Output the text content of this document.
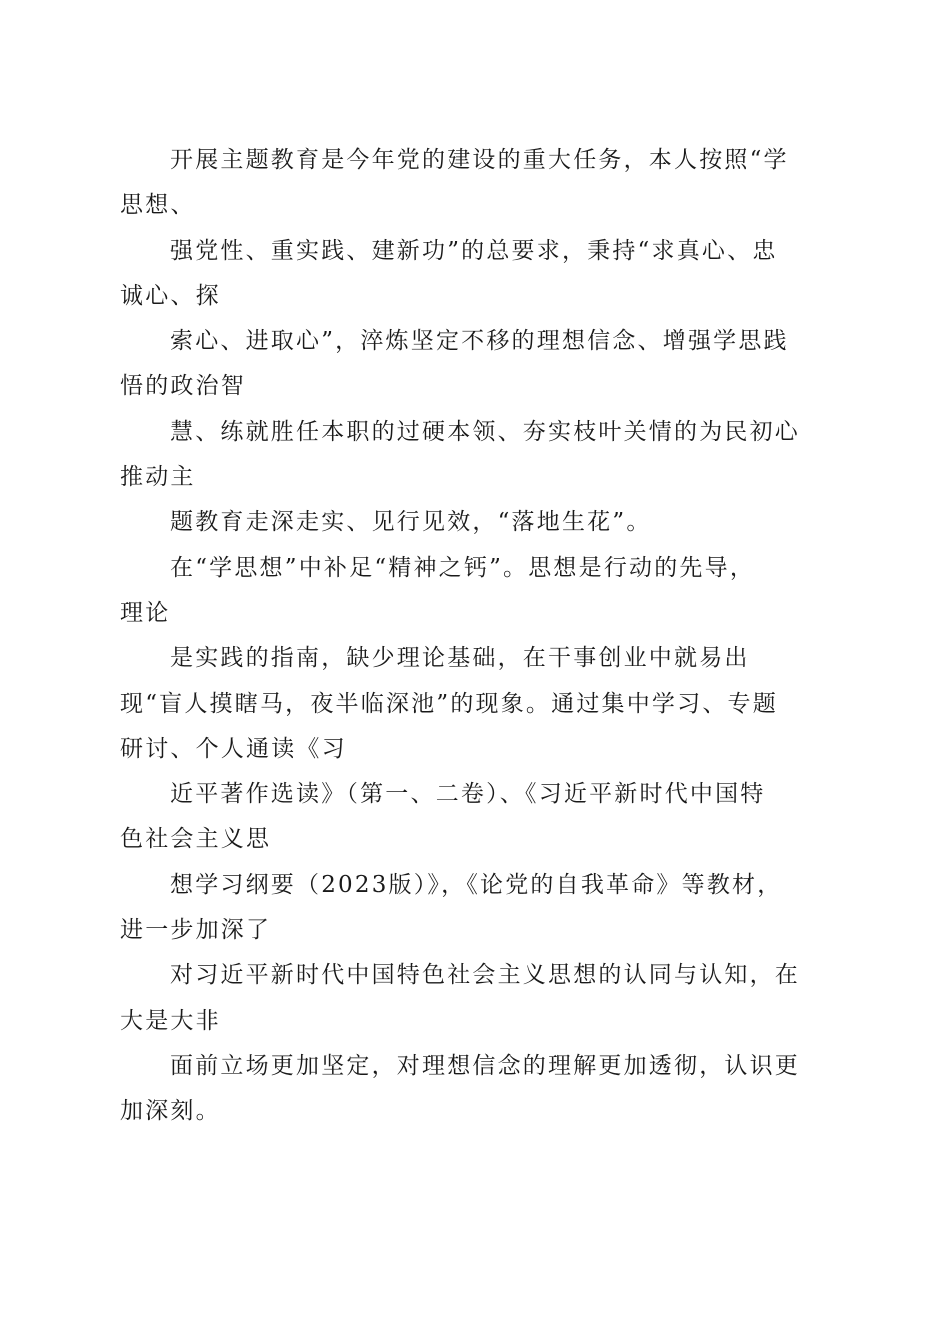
开展主题教育是今年党的建设的重大任务，本人按照“学
思想、
强党性、重实践、建新功”的总要求，秉持“求真心、忠
诚心、探
索心、进取心”，淬炼坚定不移的理想信念、增强学思践
悟的政治智
慧、练就胜任本职的过硬本领、夯实枝叶关情的为民初心
推动主
题教育走深走实、见行见效，“落地生花”。
在“学思想”中补足“精神之钙”。思想是行动的先导，
理论
是实践的指南，缺少理论基础，在干事创业中就易出
现“盲人摸瞎马，夜半临深池”的现象。通过集中学习、专题
研讨、个人通读《习
近平著作选读》（第一、二卷）、《习近平新时代中国特
色社会主义思
想学习纲要（2023版）》，《论党的自我革命》等教材，
进一步加深了
对习近平新时代中国特色社会主义思想的认同与认知，在
大是大非
面前立场更加坚定，对理想信念的理解更加透彻，认识更
加深刻。
